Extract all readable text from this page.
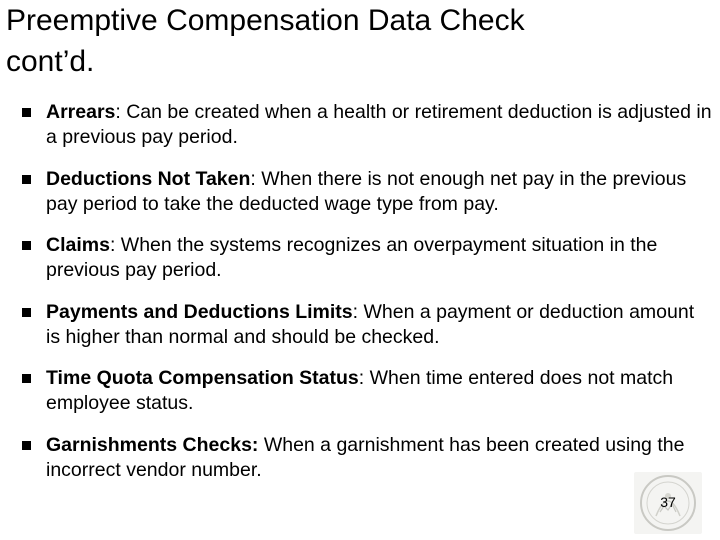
Preemptive Compensation Data Check
cont’d.
Arrears: Can be created when a health or retirement deduction is adjusted in a previous pay period.
Deductions Not Taken: When there is not enough net pay in the previous pay period to take the deducted wage type from pay.
Claims: When the systems recognizes an overpayment situation in the previous pay period.
Payments and Deductions Limits: When a payment or deduction amount is higher than normal and should be checked.
Time Quota Compensation Status: When time entered does not match employee status.
Garnishments Checks: When a garnishment has been created using the incorrect vendor number.
37
